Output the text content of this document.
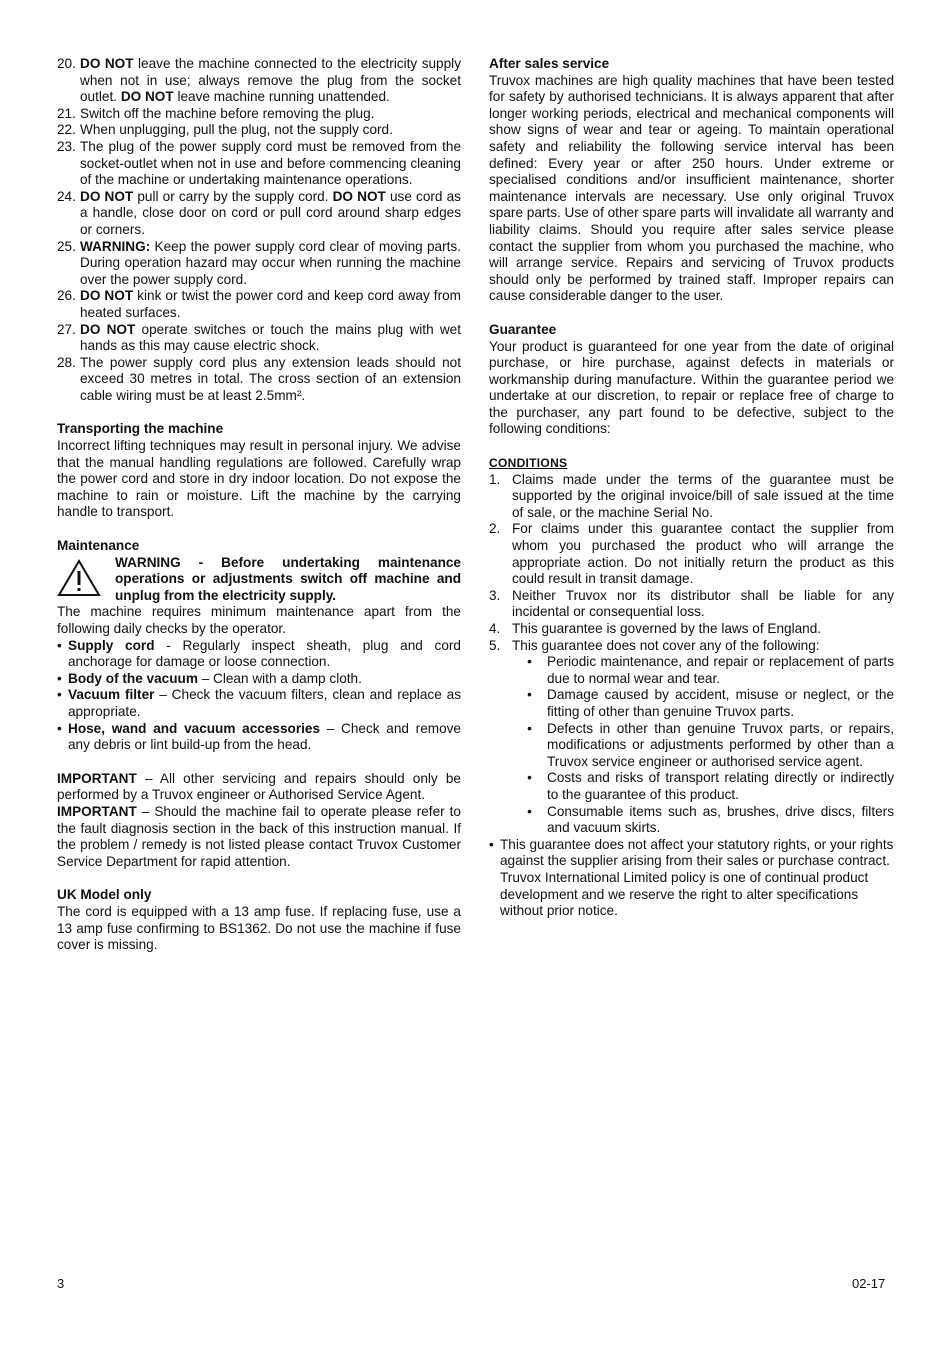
20. DO NOT leave the machine connected to the electricity supply when not in use; always remove the plug from the socket outlet. DO NOT leave machine running unattended.
21. Switch off the machine before removing the plug.
22. When unplugging, pull the plug, not the supply cord.
23. The plug of the power supply cord must be removed from the socket-outlet when not in use and before commencing cleaning of the machine or undertaking maintenance operations.
24. DO NOT pull or carry by the supply cord. DO NOT use cord as a handle, close door on cord or pull cord around sharp edges or corners.
25. WARNING: Keep the power supply cord clear of moving parts. During operation hazard may occur when running the machine over the power supply cord.
26. DO NOT kink or twist the power cord and keep cord away from heated surfaces.
27. DO NOT operate switches or touch the mains plug with wet hands as this may cause electric shock.
28. The power supply cord plus any extension leads should not exceed 30 metres in total. The cross section of an extension cable wiring must be at least 2.5mm².

Transporting the machine

Incorrect lifting techniques may result in personal injury. We advise that the manual handling regulations are followed. Carefully wrap the power cord and store in dry indoor location. Do not expose the machine to rain or moisture. Lift the machine by the carrying handle to transport.

Maintenance

WARNING - Before undertaking maintenance operations or adjustments switch off machine and unplug from the electricity supply.

The machine requires minimum maintenance apart from the following daily checks by the operator.

• Supply cord - Regularly inspect sheath, plug and cord anchorage for damage or loose connection.
• Body of the vacuum – Clean with a damp cloth.
• Vacuum filter – Check the vacuum filters, clean and replace as appropriate.
• Hose, wand and vacuum accessories – Check and remove any debris or lint build-up from the head.

IMPORTANT – All other servicing and repairs should only be performed by a Truvox engineer or Authorised Service Agent.

IMPORTANT – Should the machine fail to operate please refer to the fault diagnosis section in the back of this instruction manual. If the problem / remedy is not listed please contact Truvox Customer Service Department for rapid attention.

UK Model only

The cord is equipped with a 13 amp fuse. If replacing fuse, use a 13 amp fuse confirming to BS1362. Do not use the machine if fuse cover is missing.

After sales service

Truvox machines are high quality machines that have been tested for safety by authorised technicians. It is always apparent that after longer working periods, electrical and mechanical components will show signs of wear and tear or ageing. To maintain operational safety and reliability the following service interval has been defined: Every year or after 250 hours. Under extreme or specialised conditions and/or insufficient maintenance, shorter maintenance intervals are necessary. Use only original Truvox spare parts. Use of other spare parts will invalidate all warranty and liability claims. Should you require after sales service please contact the supplier from whom you purchased the machine, who will arrange service. Repairs and servicing of Truvox products should only be performed by trained staff. Improper repairs can cause considerable danger to the user.

Guarantee

Your product is guaranteed for one year from the date of original purchase, or hire purchase, against defects in materials or workmanship during manufacture. Within the guarantee period we undertake at our discretion, to repair or replace free of charge to the purchaser, any part found to be defective, subject to the following conditions:

CONDITIONS

1. Claims made under the terms of the guarantee must be supported by the original invoice/bill of sale issued at the time of sale, or the machine Serial No.
2. For claims under this guarantee contact the supplier from whom you purchased the product who will arrange the appropriate action. Do not initially return the product as this could result in transit damage.
3. Neither Truvox nor its distributor shall be liable for any incidental or consequential loss.
4. This guarantee is governed by the laws of England.
5. This guarantee does not cover any of the following:
•	Periodic maintenance, and repair or replacement of parts due to normal wear and tear.
•	Damage caused by accident, misuse or neglect, or the fitting of other than genuine Truvox parts.
•	Defects in other than genuine Truvox parts, or repairs, modifications or adjustments performed by other than a Truvox service engineer or authorised service agent.
•	Costs and risks of transport relating directly or indirectly to the guarantee of this product.
•	Consumable items such as, brushes, drive discs, filters and vacuum skirts.
• This guarantee does not affect your statutory rights, or your rights against the supplier arising from their sales or purchase contract. Truvox International Limited policy is one of continual product development and we reserve the right to alter specifications without prior notice.
3	02-17
